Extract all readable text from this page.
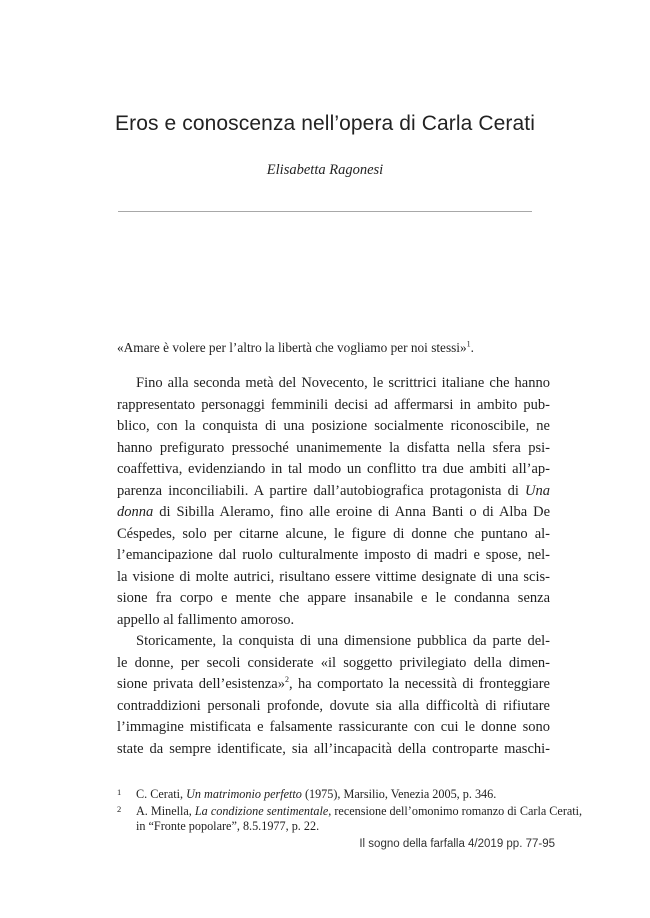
Eros e conoscenza nell’opera di Carla Cerati
Elisabetta Ragonesi
«Amare è volere per l’altro la libertà che vogliamo per noi stessi»$^1$.
Fino alla seconda metà del Novecento, le scrittrici italiane che hanno
rappresentato personaggi femminili decisi ad affermarsi in ambito pub-
blico, con la conquista di una posizione socialmente riconoscibile, ne
hanno prefigurato pressoché unanimemente la disfatta nella sfera psi-
coaffettiva, evidenziando in tal modo un conflitto tra due ambiti all’ap-
parenza inconciliabili. A partire dall’autobiografica protagonista di Una
donna di Sibilla Aleramo, fino alle eroine di Anna Banti o di Alba De
Céspedes, solo per citarne alcune, le figure di donne che puntano al-
l’emancipazione dal ruolo culturalmente imposto di madri e spose, nel-
la visione di molte autrici, risultano essere vittime designate di una scis-
sione fra corpo e mente che appare insanabile e le condanna senza
appello al fallimento amoroso.
Storicamente, la conquista di una dimensione pubblica da parte del-
le donne, per secoli considerate «il soggetto privilegiato della dimen-
sione privata dell’esistenza»$^2$, ha comportato la necessità di fronteggiare
contraddizioni personali profonde, dovute sia alla difficoltà di rifiutare
l’immagine mistificata e falsamente rassicurante con cui le donne sono
state da sempre identificate, sia all’incapacità della controparte maschi-
1 C. Cerati, Un matrimonio perfetto (1975), Marsilio, Venezia 2005, p. 346.
2 A. Minella, La condizione sentimentale, recensione dell’omonimo romanzo di Carla Cerati,
in “Fronte popolare”, 8.5.1977, p. 22.
Il sogno della farfalla 4/2019 pp. 77-95
